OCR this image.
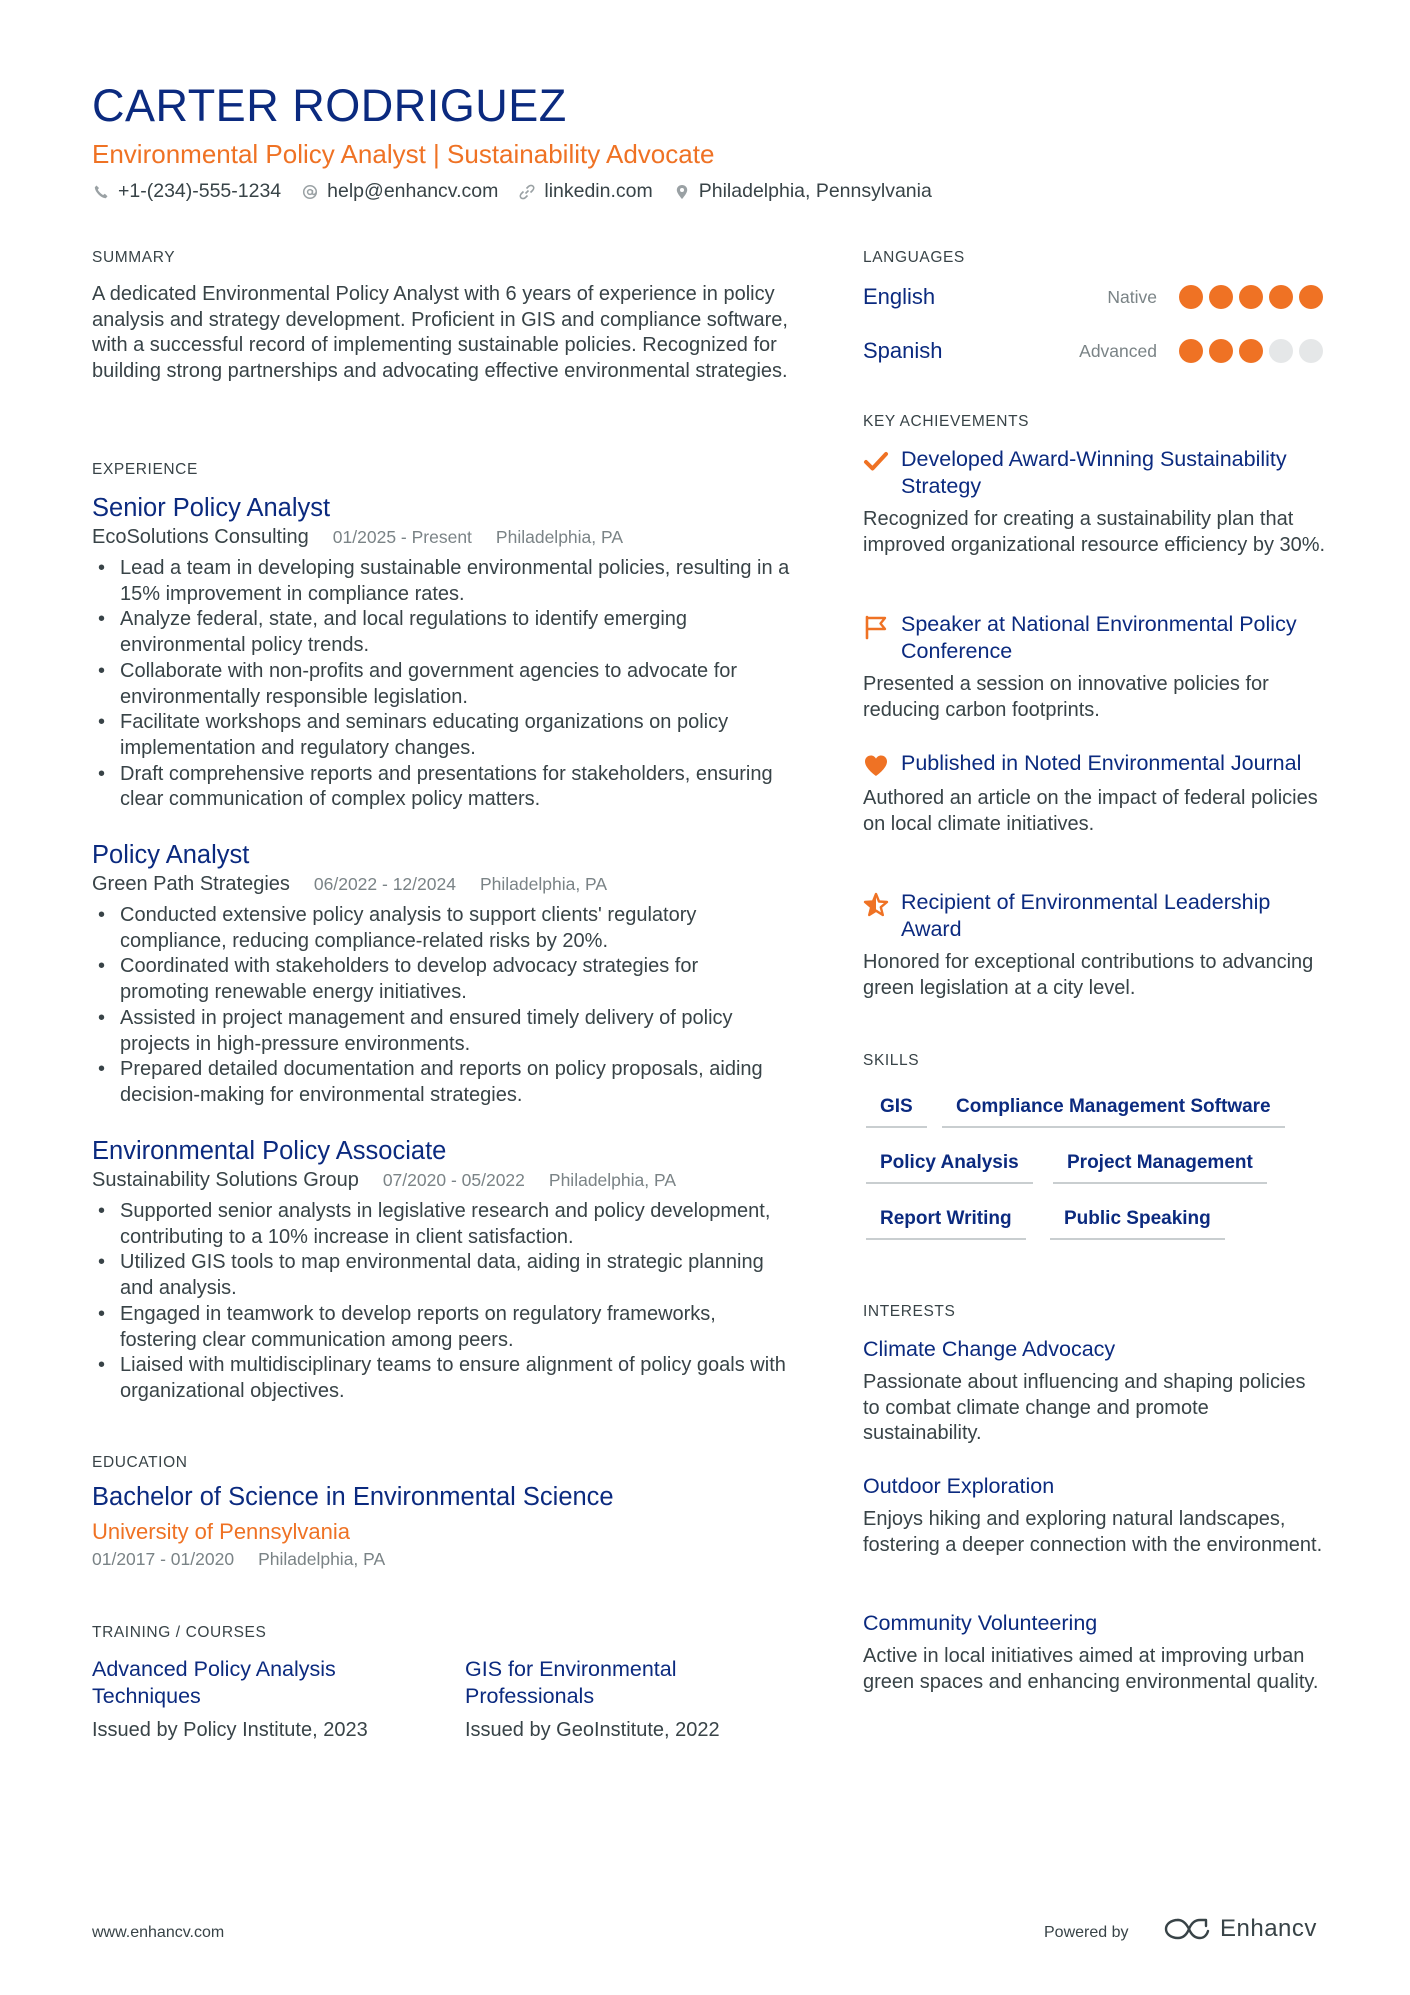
CARTER RODRIGUEZ
Environmental Policy Analyst | Sustainability Advocate
+1-(234)-555-1234 help@enhancv.com linkedin.com Philadelphia, Pennsylvania
SUMMARY
A dedicated Environmental Policy Analyst with 6 years of experience in policy analysis and strategy development. Proficient in GIS and compliance software, with a successful record of implementing sustainable policies. Recognized for building strong partnerships and advocating effective environmental strategies.
EXPERIENCE
Senior Policy Analyst
EcoSolutions Consulting 01/2025 - Present Philadelphia, PA
• Lead a team in developing sustainable environmental policies, resulting in a 15% improvement in compliance rates.
• Analyze federal, state, and local regulations to identify emerging environmental policy trends.
• Collaborate with non-profits and government agencies to advocate for environmentally responsible legislation.
• Facilitate workshops and seminars educating organizations on policy implementation and regulatory changes.
• Draft comprehensive reports and presentations for stakeholders, ensuring clear communication of complex policy matters.
Policy Analyst
Green Path Strategies 06/2022 - 12/2024 Philadelphia, PA
• Conducted extensive policy analysis to support clients' regulatory compliance, reducing compliance-related risks by 20%.
• Coordinated with stakeholders to develop advocacy strategies for promoting renewable energy initiatives.
• Assisted in project management and ensured timely delivery of policy projects in high-pressure environments.
• Prepared detailed documentation and reports on policy proposals, aiding decision-making for environmental strategies.
Environmental Policy Associate
Sustainability Solutions Group 07/2020 - 05/2022 Philadelphia, PA
• Supported senior analysts in legislative research and policy development, contributing to a 10% increase in client satisfaction.
• Utilized GIS tools to map environmental data, aiding in strategic planning and analysis.
• Engaged in teamwork to develop reports on regulatory frameworks, fostering clear communication among peers.
• Liaised with multidisciplinary teams to ensure alignment of policy goals with organizational objectives.
EDUCATION
Bachelor of Science in Environmental Science
University of Pennsylvania
01/2017 - 01/2020 Philadelphia, PA
TRAINING / COURSES
Advanced Policy Analysis Techniques
Issued by Policy Institute, 2023
GIS for Environmental Professionals
Issued by GeoInstitute, 2022
LANGUAGES
English	Native
Spanish	Advanced
KEY ACHIEVEMENTS
Developed Award-Winning Sustainability Strategy
Recognized for creating a sustainability plan that improved organizational resource efficiency by 30%.
Speaker at National Environmental Policy Conference
Presented a session on innovative policies for reducing carbon footprints.
Published in Noted Environmental Journal
Authored an article on the impact of federal policies on local climate initiatives.
Recipient of Environmental Leadership Award
Honored for exceptional contributions to advancing green legislation at a city level.
SKILLS
GIS	Compliance Management Software
Policy Analysis	Project Management
Report Writing	Public Speaking
INTERESTS
Climate Change Advocacy
Passionate about influencing and shaping policies to combat climate change and promote sustainability.
Outdoor Exploration
Enjoys hiking and exploring natural landscapes, fostering a deeper connection with the environment.
Community Volunteering
Active in local initiatives aimed at improving urban green spaces and enhancing environmental quality.
www.enhancv.com	Powered by	Enhancv
